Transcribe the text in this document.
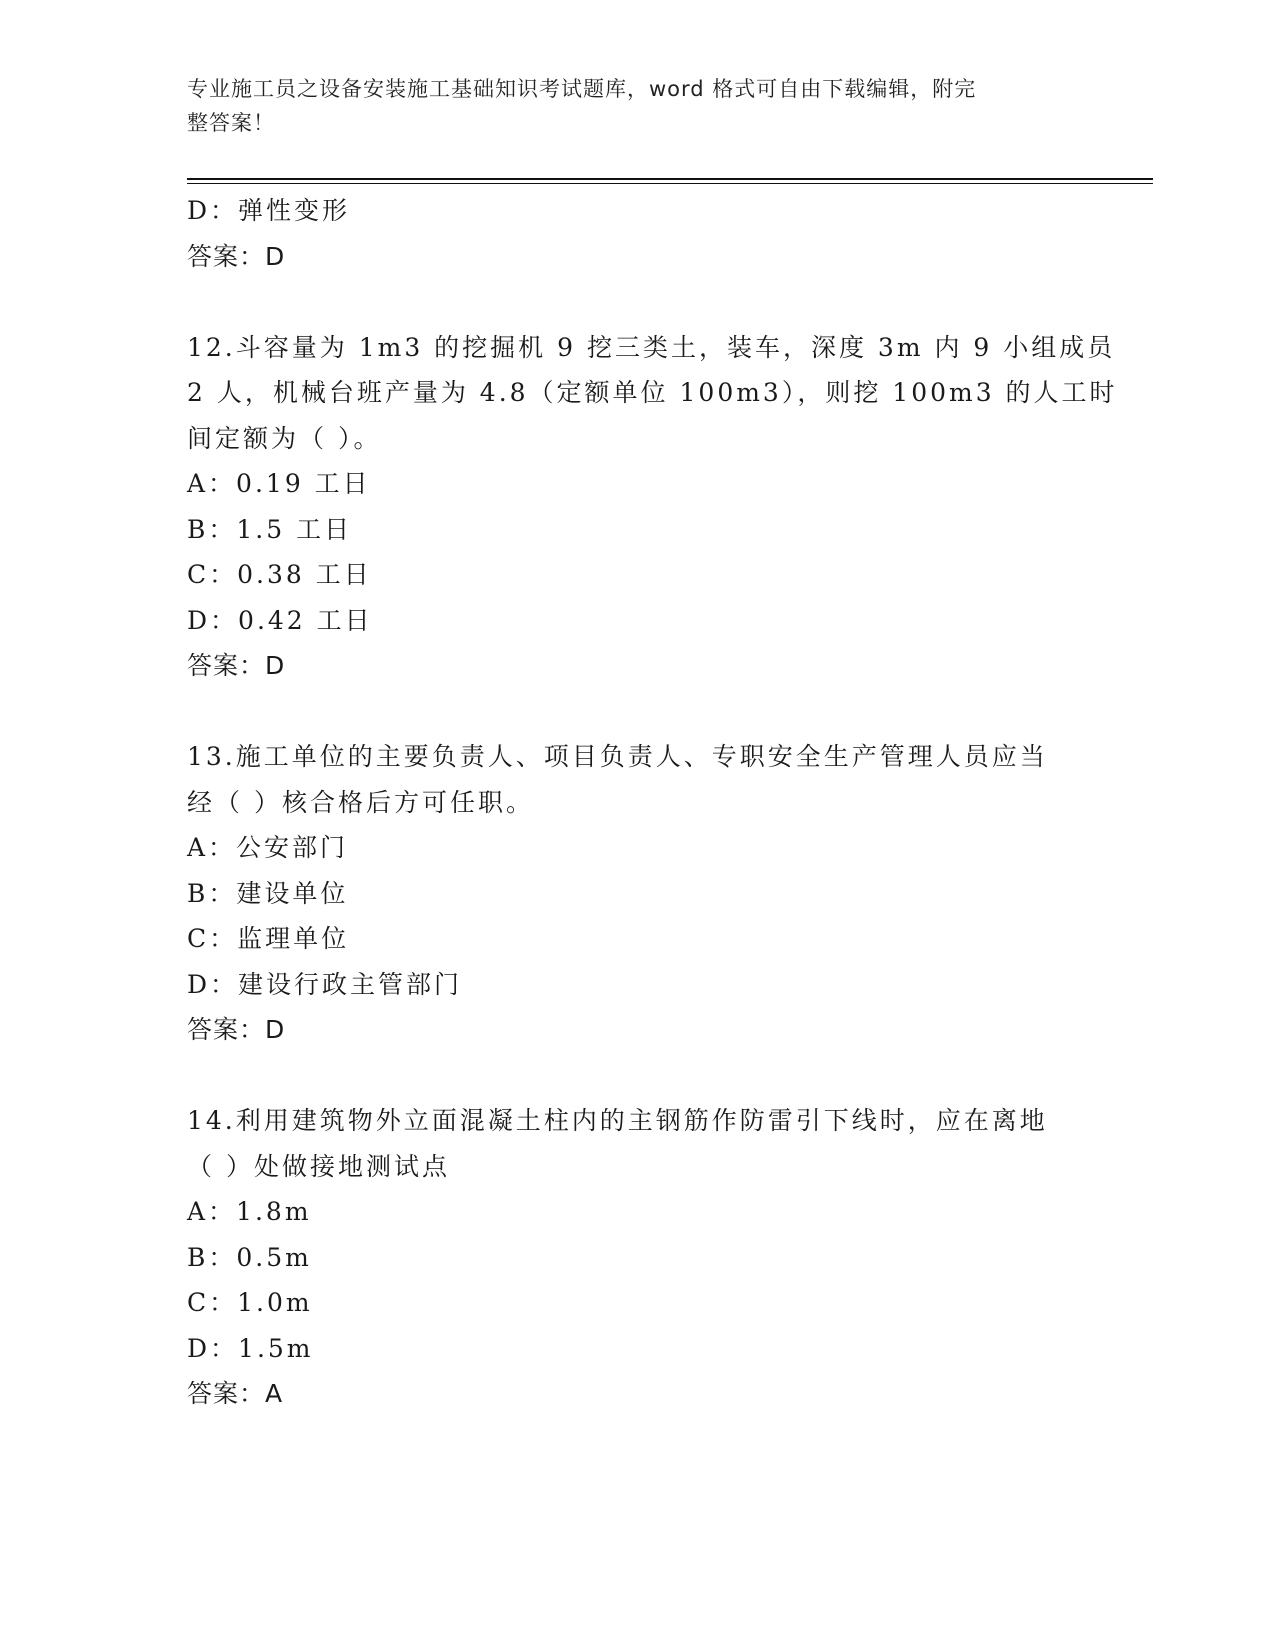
专业施工员之设备安装施工基础知识考试题库，word 格式可自由下载编辑，附完
整答案！
D：弹性变形
答案：D
12.斗容量为 1m3 的挖掘机 9 挖三类土，装车，深度 3m 内 9 小组成员
2 人，机械台班产量为 4.8（定额单位 100m3），则挖 100m3 的人工时
间定额为（ ）。
A：0.19 工日
B：1.5 工日
C：0.38 工日
D：0.42 工日
答案：D
13.施工单位的主要负责人、项目负责人、专职安全生产管理人员应当
经（ ）核合格后方可任职。
A：公安部门
B：建设单位
C：监理单位
D：建设行政主管部门
答案：D
14.利用建筑物外立面混凝土柱内的主钢筋作防雷引下线时，应在离地
（ ）处做接地测试点
A：1.8m
B：0.5m
C：1.0m
D：1.5m
答案：A
